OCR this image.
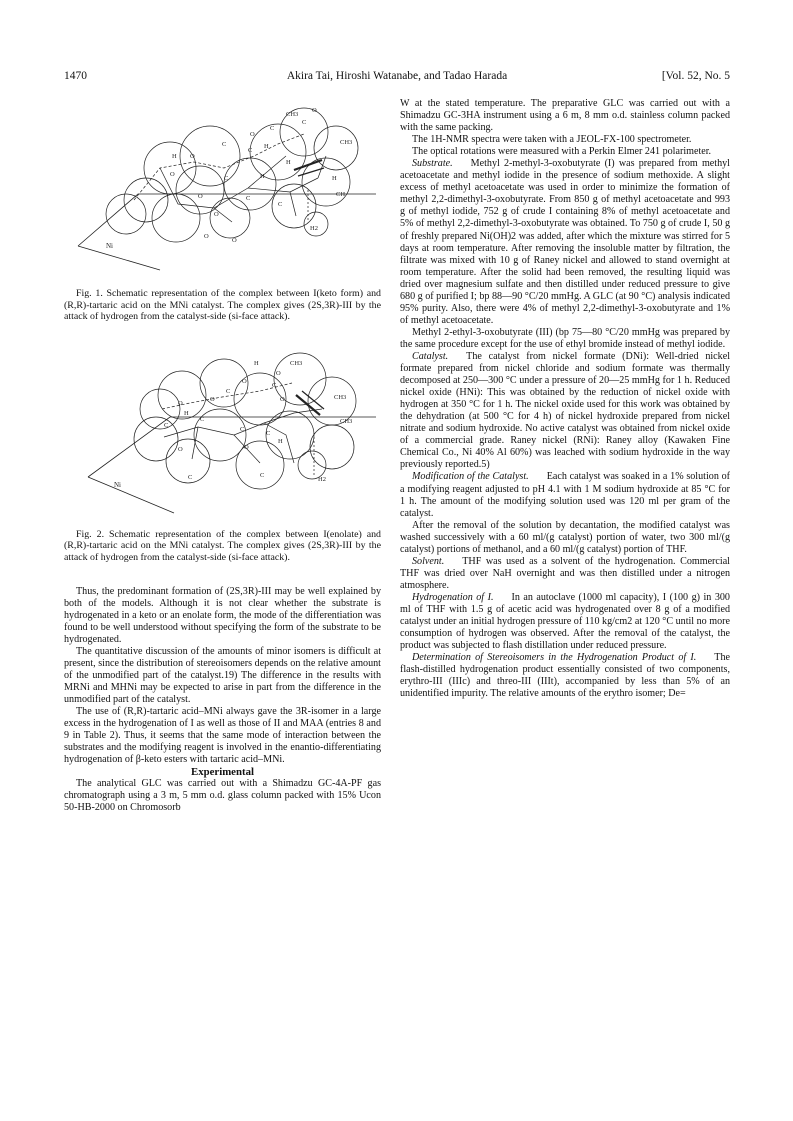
1470	Akira Tai, Hiroshi Watanabe, and Tadao Harada	[Vol. 52, No. 5
CH3
C
C
O
O
CH3
H
O
C
C
H
O
C
O
O
H
C
C
H
H
CH
H2
Ni
O
O

Fig. 1. Schematic representation of the complex between I(keto form) and (R,R)-tartaric acid on the MNi catalyst. The complex gives (2S,3R)-III by the attack of hydrogen from the catalyst-side (si-face attack).

CH3
O
H
O
C
C
O	CH3
CH3
C
O
C
O
H
C
C
O
C	C
O
H
H2
Ni

Fig. 2. Schematic representation of the complex between I(enolate) and (R,R)-tartaric acid on the MNi catalyst. The complex gives (2S,3R)-III by the attack of hydrogen from the catalyst-side (si-face attack).

Thus, the predominant formation of (2S,3R)-III may be well explained by both of the models. Although it is not clear whether the substrate is hydrogenated in a keto or an enolate form, the mode of the differentiation was found to be well understood without specifying the form of the substrate to be hydrogenated.

The quantitative discussion of the amounts of minor isomers is difficult at present, since the distribution of stereoisomers depends on the relative amount of the unmodified part of the catalyst.19) The difference in the results with MRNi and MHNi may be expected to arise in part from the difference in the unmodified part of the catalyst.

The use of (R,R)-tartaric acid–MNi always gave the 3R-isomer in a large excess in the hydrogenation of I as well as those of II and MAA (entries 8 and 9 in Table 2). Thus, it seems that the same mode of interaction between the substrates and the modifying reagent is involved in the enantio-differentiating hydrogenation of β-keto esters with tartaric acid–MNi.

Experimental

The analytical GLC was carried out with a Shimadzu GC-4A-PF gas chromatograph using a 3 m, 5 mm o.d. glass column packed with 15% Ucon 50-HB-2000 on Chromosorb

W at the stated temperature. The preparative GLC was carried out with a Shimadzu GC-3HA instrument using a 6 m, 8 mm o.d. stainless column packed with the same packing.

The 1H-NMR spectra were taken with a JEOL-FX-100 spectrometer.

The optical rotations were measured with a Perkin Elmer 241 polarimeter.

Substrate. Methyl 2-methyl-3-oxobutyrate (I) was prepared from methyl acetoacetate and methyl iodide in the presence of sodium methoxide. A slight excess of methyl acetoacetate was used in order to minimize the formation of methyl 2,2-dimethyl-3-oxobutyrate. From 850 g of methyl acetoacetate and 993 g of methyl iodide, 752 g of crude I containing 8% of methyl acetoacetate and 5% of methyl 2,2-dimethyl-3-oxobutyrate was obtained. To 750 g of crude I, 50 g of freshly prepared Ni(OH)2 was added, after which the mixture was stirred for 5 days at room temperature. After removing the insoluble matter by filtration, the filtrate was mixed with 10 g of Raney nickel and allowed to stand overnight at room temperature. After the solid had been removed, the resulting liquid was dried over magnesium sulfate and then distilled under reduced pressure to give 680 g of purified I; bp 88—90 °C/20 mmHg. A GLC (at 90 °C) analysis indicated 95% purity. Also, there were 4% of methyl 2,2-dimethyl-3-oxobutyrate and 1% of methyl acetoacetate.

Methyl 2-ethyl-3-oxobutyrate (III) (bp 75—80 °C/20 mmHg was prepared by the same procedure except for the use of ethyl bromide instead of methyl iodide.

Catalyst. The catalyst from nickel formate (DNi): Well-dried nickel formate prepared from nickel chloride and sodium formate was thermally decomposed at 250—300 °C under a pressure of 20—25 mmHg for 1 h. Reduced nickel oxide (HNi): This was obtained by the reduction of nickel oxide with hydrogen at 350 °C for 1 h. The nickel oxide used for this work was obtained by the dehydration (at 500 °C for 4 h) of nickel hydroxide prepared from nickel nitrate and sodium hydroxide. No active catalyst was obtained from nickel oxide of a commercial grade. Raney nickel (RNi): Raney alloy (Kawaken Fine Chemical Co., Ni 40% Al 60%) was leached with sodium hydroxide in the way previously reported.5)

Modification of the Catalyst. Each catalyst was soaked in a 1% solution of a modifying reagent adjusted to pH 4.1 with 1 M sodium hydroxide at 85 °C for 1 h. The amount of the modifying solution used was 120 ml per gram of the catalyst.

After the removal of the solution by decantation, the modified catalyst was washed successively with a 60 ml/(g catalyst) portion of water, two 300 ml/(g catalyst) portions of methanol, and a 60 ml/(g catalyst) portion of THF.

Solvent. THF was used as a solvent of the hydrogenation. Commercial THF was dried over NaH overnight and was then distilled under a nitrogen atmosphere.

Hydrogenation of I. In an autoclave (1000 ml capacity), I (100 g) in 300 ml of THF with 1.5 g of acetic acid was hydrogenated over 8 g of a modified catalyst under an initial hydrogen pressure of 110 kg/cm2 at 120 °C until no more consumption of hydrogen was observed. After the removal of the catalyst, the product was subjected to flash distillation under reduced pressure.

Determination of Stereoisomers in the Hydrogenation Product of I. The flash-distilled hydrogenation product essentially consisted of two components, erythro-III (IIIc) and threo-III (IIIt), accompanied by less than 5% of an unidentified impurity. The relative amounts of the erythro isomer; De=
